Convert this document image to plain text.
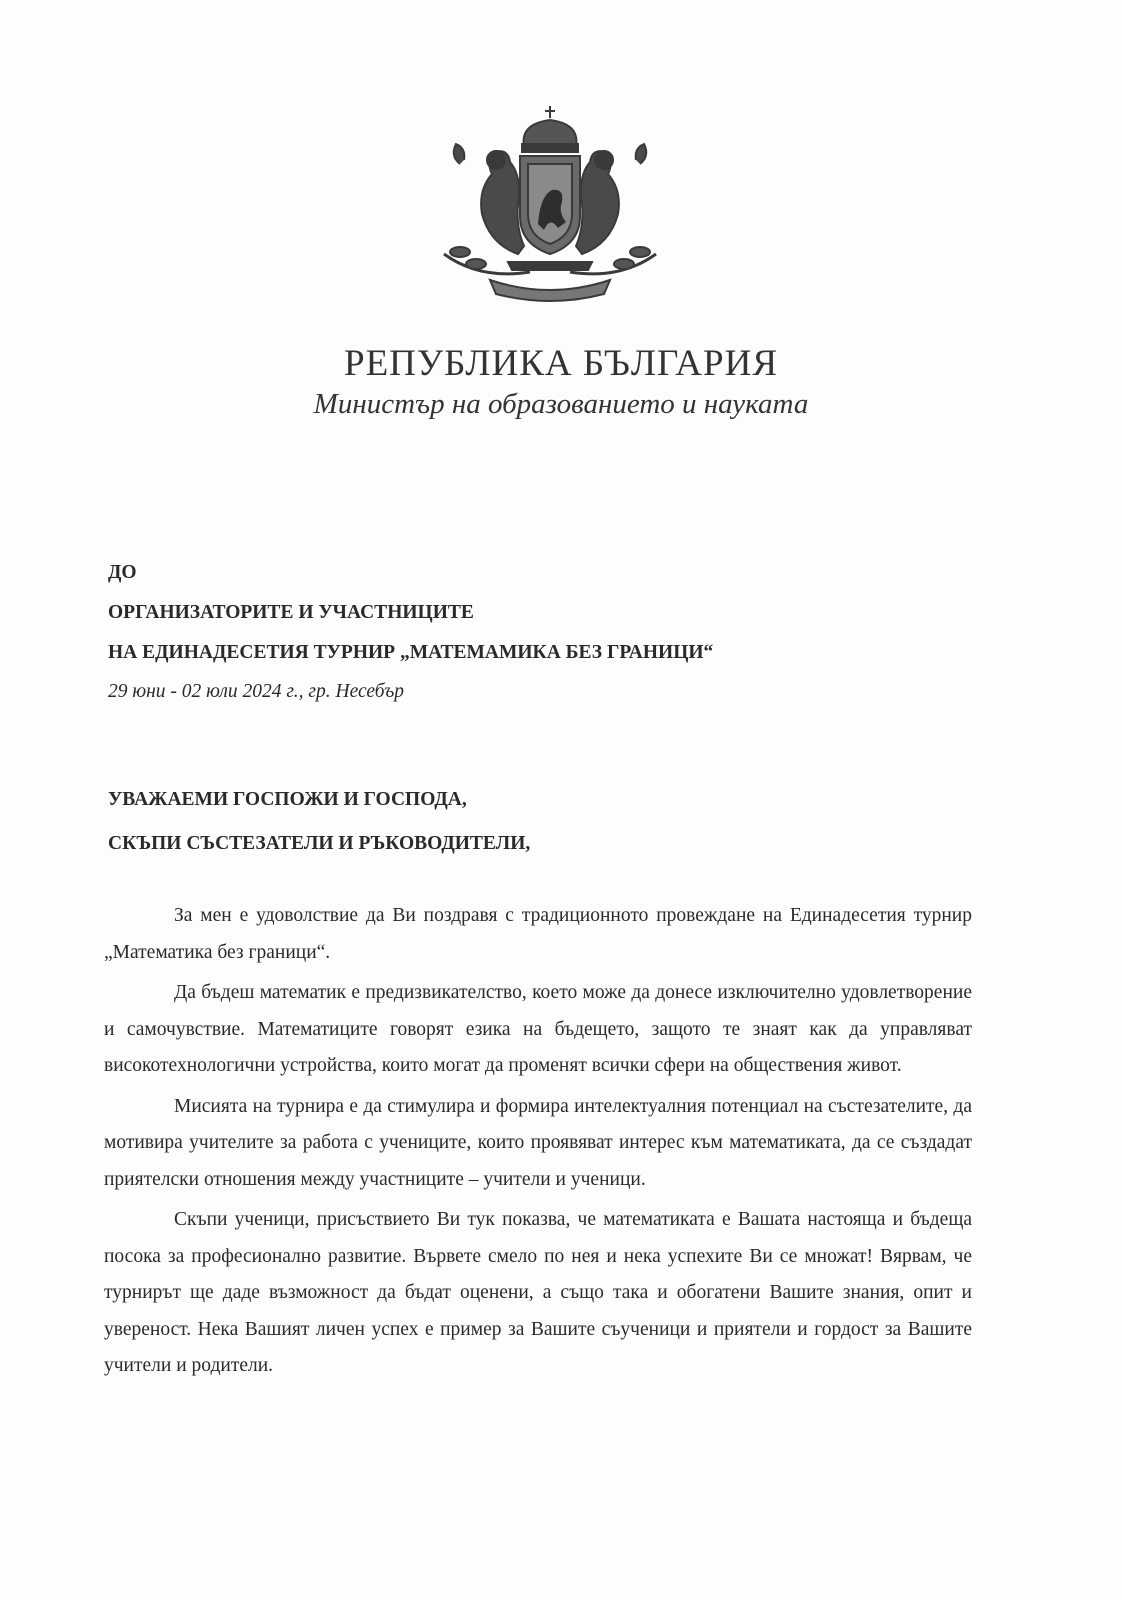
РЕПУБЛИКА БЪЛГАРИЯ
Министър на образованието и науката
ДО
ОРГАНИЗАТОРИТЕ И УЧАСТНИЦИТЕ
НА ЕДИНАДЕСЕТИЯ ТУРНИР „МАТЕМАМИКА БЕЗ ГРАНИЦИ“
29 юни - 02 юли 2024 г., гр. Несебър
УВАЖАЕМИ ГОСПОЖИ И ГОСПОДА,
СКЪПИ СЪСТЕЗАТЕЛИ И РЪКОВОДИТЕЛИ,

За мен е удоволствие да Ви поздравя с традиционното провеждане на Единадесетия турнир „Математика без граници“.

Да бъдеш математик е предизвикателство, което може да донесе изключително удовлетворение и самочувствие. Математиците говорят езика на бъдещето, защото те знаят как да управляват високотехнологични устройства, които могат да променят всички сфери на обществения живот.

Мисията на турнира е да стимулира и формира интелектуалния потенциал на състезателите, да мотивира учителите за работа с учениците, които проявяват интерес към математиката, да се създадат приятелски отношения между участниците – учители и ученици.

Скъпи ученици, присъствието Ви тук показва, че математиката е Вашата настояща и бъдеща посока за професионално развитие. Вървете смело по нея и нека успехите Ви се множат! Вярвам, че турнирът ще даде възможност да бъдат оценени, а също така и обогатени Вашите знания, опит и увереност. Нека Вашият личен успех е пример за Вашите съученици и приятели и гордост за Вашите учители и родители.
